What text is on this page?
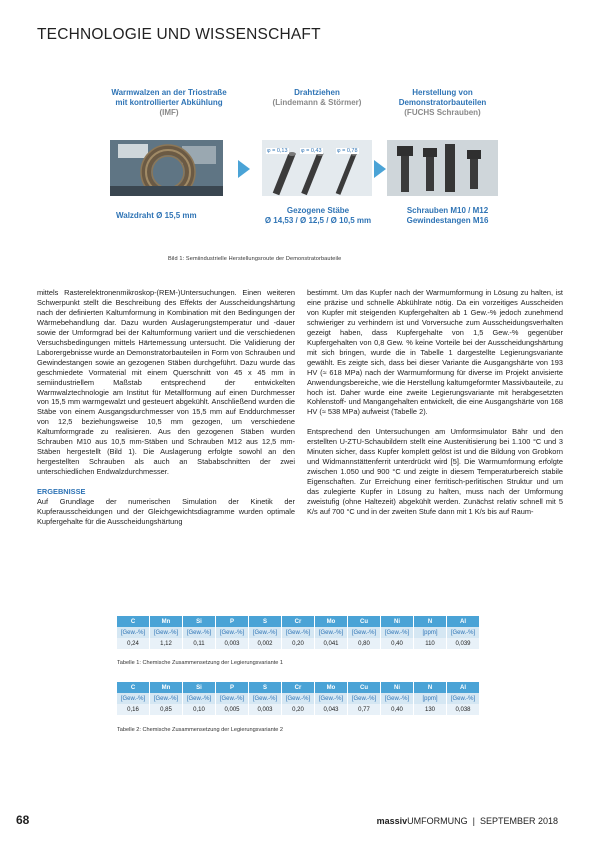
TECHNOLOGIE UND WISSENSCHAFT
Warmwalzen an der Triostraße mit kontrollierter Abkühlung (IMF)
Drahtziehen
(Lindemann & Störmer)
Herstellung von Demonstratorbauteilen
(FUCHS Schrauben)
φ = 0,13 φ = 0,43	φ = 0,78
Walzdraht Ø 15,5 mm
Gezogene Stäbe
Ø 14,53 / Ø 12,5 / Ø 10,5 mm
Schrauben M10 / M12
Gewindestangen M16
Bild 1: Semiindustrielle Herstellungsroute der Demonstratorbauteile

mittels Rasterelektronenmikroskop-(REM-)Untersuchungen. Einen weiteren Schwerpunkt stellt die Beschreibung des Effekts der Ausscheidungshärtung nach der definierten Kaltumformung in Kombination mit den Bedingungen der Wärmebehandlung dar. Dazu wurden Auslagerungstemperatur und -dauer sowie der Umformgrad bei der Kaltumformung variiert und die verschiedenen Versuchsbedingungen mittels Härtemessung untersucht. Die Validierung der Laborergebnisse wurde an Demonstratorbauteilen in Form von Schrauben und Gewindestangen sowie an gezogenen Stäben durchgeführt. Dazu wurde das geschmiedete Vormaterial mit einem Querschnitt von 45 x 45 mm in semiindustriellem Maßstab entsprechend der entwickelten Warmwalztechnologie am Institut für Metallformung auf einen Durchmesser von 15,5 mm warmgewalzt und gesteuert abgekühlt. Anschließend wurden die Stäbe von einem Ausgangsdurchmesser von 15,5 mm auf Enddurchmesser von 12,5 beziehungsweise 10,5 mm gezogen, um verschiedene Kaltumformgrade zu realisieren. Aus den gezogenen Stäben wurden Schrauben M10 aus 10,5 mm-Stäben und Schrauben M12 aus 12,5 mm-Stäben hergestellt (Bild 1). Die Auslagerung erfolgte sowohl an den hergestellten Schrauben als auch an Stababschnitten der zwei unterschiedlichen Endwalzdurchmesser.

ERGEBNISSE

Auf Grundlage der numerischen Simulation der Kinetik der Kupferausscheidungen und der Gleichgewichtsdiagramme wurden optimale Kupfergehalte für die Ausscheidungshärtung

bestimmt. Um das Kupfer nach der Warmumformung in Lösung zu halten, ist eine präzise und schnelle Abkühlrate nötig. Da ein vorzeitiges Ausscheiden von Kupfer mit steigenden Kupfergehalten ab 1 Gew.-% jedoch zunehmend schwieriger zu verhindern ist und Vorversuche zum Ausscheidungsverhalten gezeigt haben, dass Kupfergehalte von 1,5 Gew.-% gegenüber Kupfergehalten von 0,8 Gew. % keine Vorteile bei der Ausscheidungshärtung mit sich bringen, wurde die in Tabelle 1 dargestellte Legierungsvariante gewählt. Es zeigte sich, dass bei dieser Variante die Ausgangshärte von 193 HV (≈ 618 MPa) nach der Warmumformung für diverse im Projekt anvisierte Anwendungsbereiche, wie die Herstellung kaltumgeformter Massivbauteile, zu hoch ist. Daher wurde eine zweite Legierungsvariante mit herabgesetzten Kohlenstoff- und Mangangehalten entwickelt, die eine Ausgangshärte von 168 HV (≈ 538 MPa) aufweist (Tabelle 2).

Entsprechend den Untersuchungen am Umformsimulator Bähr und den erstellten U-ZTU-Schaubildern stellt eine Austenitisierung bei 1.100 °C und 3 Minuten sicher, dass Kupfer komplett gelöst ist und die Bildung von Grobkorn und Widmannstättenferrit unterdrückt wird [5]. Die Warmumformung erfolgte zwischen 1.050 und 900 °C und zeigte in diesem Temperaturbereich stabile Eigenschaften. Zur Erreichung einer ferritisch-perlitischen Struktur und um das zulegierte Kupfer in Lösung zu halten, muss nach der Umformung zweistufig (ohne Haltezeit) abgekühlt werden. Zunächst relativ schnell mit 5 K/s auf 700 °C und in der zweiten Stufe dann mit 1 K/s bis auf Raum-

C	Mn	Si	P	S	Cr	Mo	Cu	Ni	N	Al
[Gew.-%]	[Gew.-%]	[Gew.-%]	[Gew.-%]	[Gew.-%]	[Gew.-%]	[Gew.-%]	[Gew.-%]	[Gew.-%]	[ppm]	[Gew.-%]
0,24	1,12	0,11	0,003	0,002	0,20	0,041	0,80	0,40	110	0,039
Tabelle 1: Chemische Zusammensetzung der Legierungsvariante 1
C	Mn	Si	P	S	Cr	Mo	Cu	Ni	N	Al
[Gew.-%]	[Gew.-%]	[Gew.-%]	[Gew.-%]	[Gew.-%]	[Gew.-%]	[Gew.-%]	[Gew.-%]	[Gew.-%]	[ppm]	[Gew.-%]
0,16	0,85	0,10	0,005	0,003	0,20	0,043	0,77	0,40	130	0,038
Tabelle 2: Chemische Zusammensetzung der Legierungsvariante 2
68	massivUMFORMUNG | SEPTEMBER 2018
